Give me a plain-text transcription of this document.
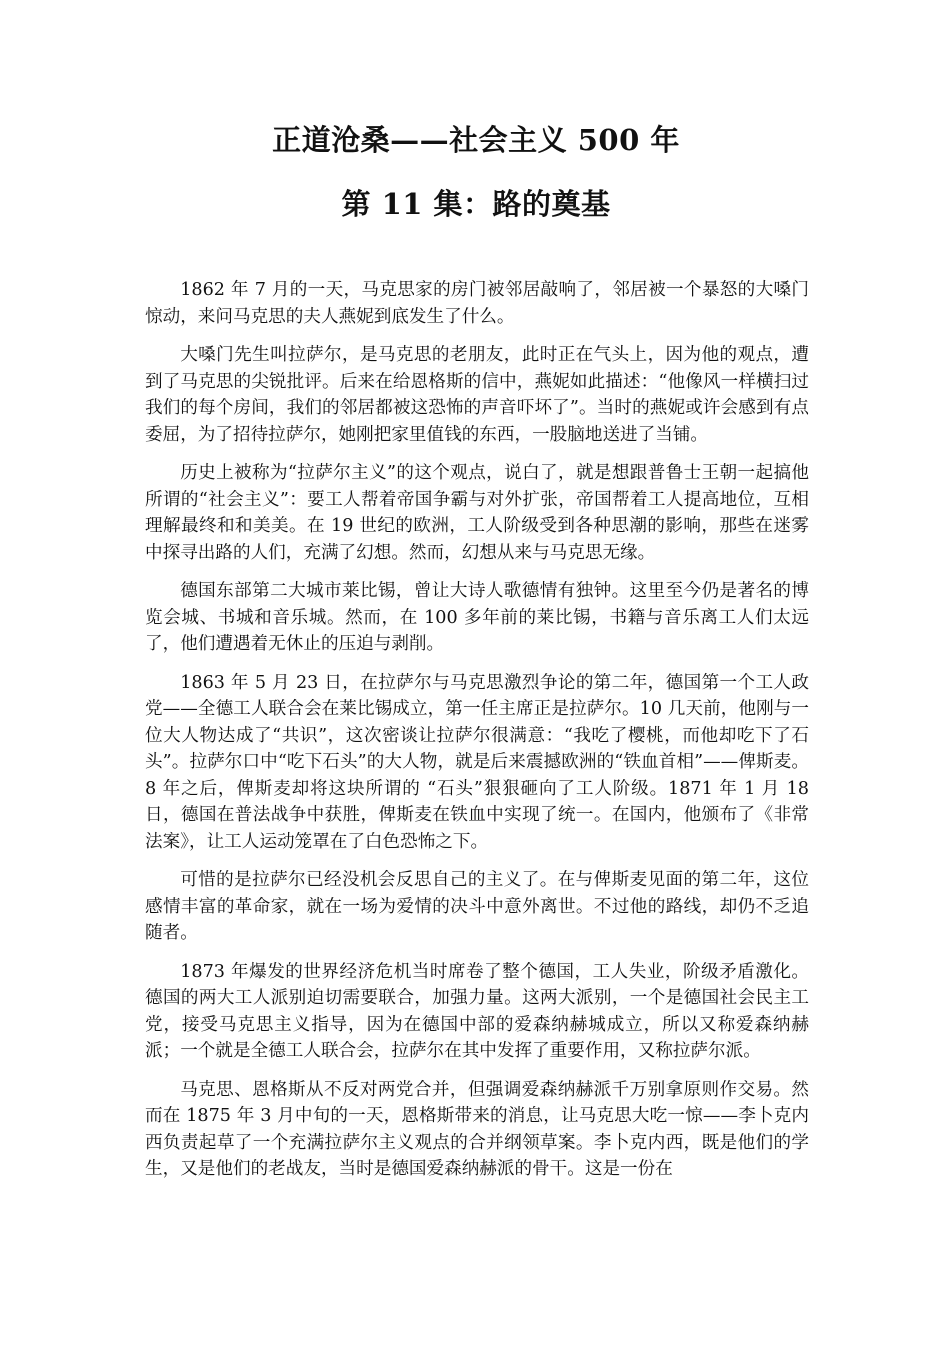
正道沧桑——社会主义 500 年
第 11 集：路的奠基

1862 年 7 月的一天，马克思家的房门被邻居敲响了，邻居被一个暴怒的大嗓门惊动，来问马克思的夫人燕妮到底发生了什么。

大嗓门先生叫拉萨尔，是马克思的老朋友，此时正在气头上，因为他的观点，遭到了马克思的尖锐批评。后来在给恩格斯的信中，燕妮如此描述：“他像风一样横扫过我们的每个房间，我们的邻居都被这恐怖的声音吓坏了”。当时的燕妮或许会感到有点委屈，为了招待拉萨尔，她刚把家里值钱的东西，一股脑地送进了当铺。

历史上被称为“拉萨尔主义”的这个观点，说白了，就是想跟普鲁士王朝一起搞他所谓的“社会主义”：要工人帮着帝国争霸与对外扩张，帝国帮着工人提高地位，互相理解最终和和美美。在 19 世纪的欧洲，工人阶级受到各种思潮的影响，那些在迷雾中探寻出路的人们，充满了幻想。然而，幻想从来与马克思无缘。

德国东部第二大城市莱比锡，曾让大诗人歌德情有独钟。这里至今仍是著名的博览会城、书城和音乐城。然而，在 100 多年前的莱比锡，书籍与音乐离工人们太远了，他们遭遇着无休止的压迫与剥削。

1863 年 5 月 23 日，在拉萨尔与马克思激烈争论的第二年，德国第一个工人政党——全德工人联合会在莱比锡成立，第一任主席正是拉萨尔。10 几天前，他刚与一位大人物达成了“共识”，这次密谈让拉萨尔很满意：“我吃了樱桃，而他却吃下了石头”。拉萨尔口中“吃下石头”的大人物，就是后来震撼欧洲的“铁血首相”——俾斯麦。8 年之后，俾斯麦却将这块所谓的 “石头”狠狠砸向了工人阶级。1871 年 1 月 18 日，德国在普法战争中获胜，俾斯麦在铁血中实现了统一。在国内，他颁布了《非常法案》，让工人运动笼罩在了白色恐怖之下。

可惜的是拉萨尔已经没机会反思自己的主义了。在与俾斯麦见面的第二年，这位感情丰富的革命家，就在一场为爱情的决斗中意外离世。不过他的路线，却仍不乏追随者。

1873 年爆发的世界经济危机当时席卷了整个德国，工人失业，阶级矛盾激化。德国的两大工人派别迫切需要联合，加强力量。这两大派别，一个是德国社会民主工党，接受马克思主义指导，因为在德国中部的爱森纳赫城成立，所以又称爱森纳赫派；一个就是全德工人联合会，拉萨尔在其中发挥了重要作用，又称拉萨尔派。

马克思、恩格斯从不反对两党合并，但强调爱森纳赫派千万别拿原则作交易。然而在 1875 年 3 月中旬的一天，恩格斯带来的消息，让马克思大吃一惊——李卜克内西负责起草了一个充满拉萨尔主义观点的合并纲领草案。李卜克内西，既是他们的学生，又是他们的老战友，当时是德国爱森纳赫派的骨干。这是一份在
